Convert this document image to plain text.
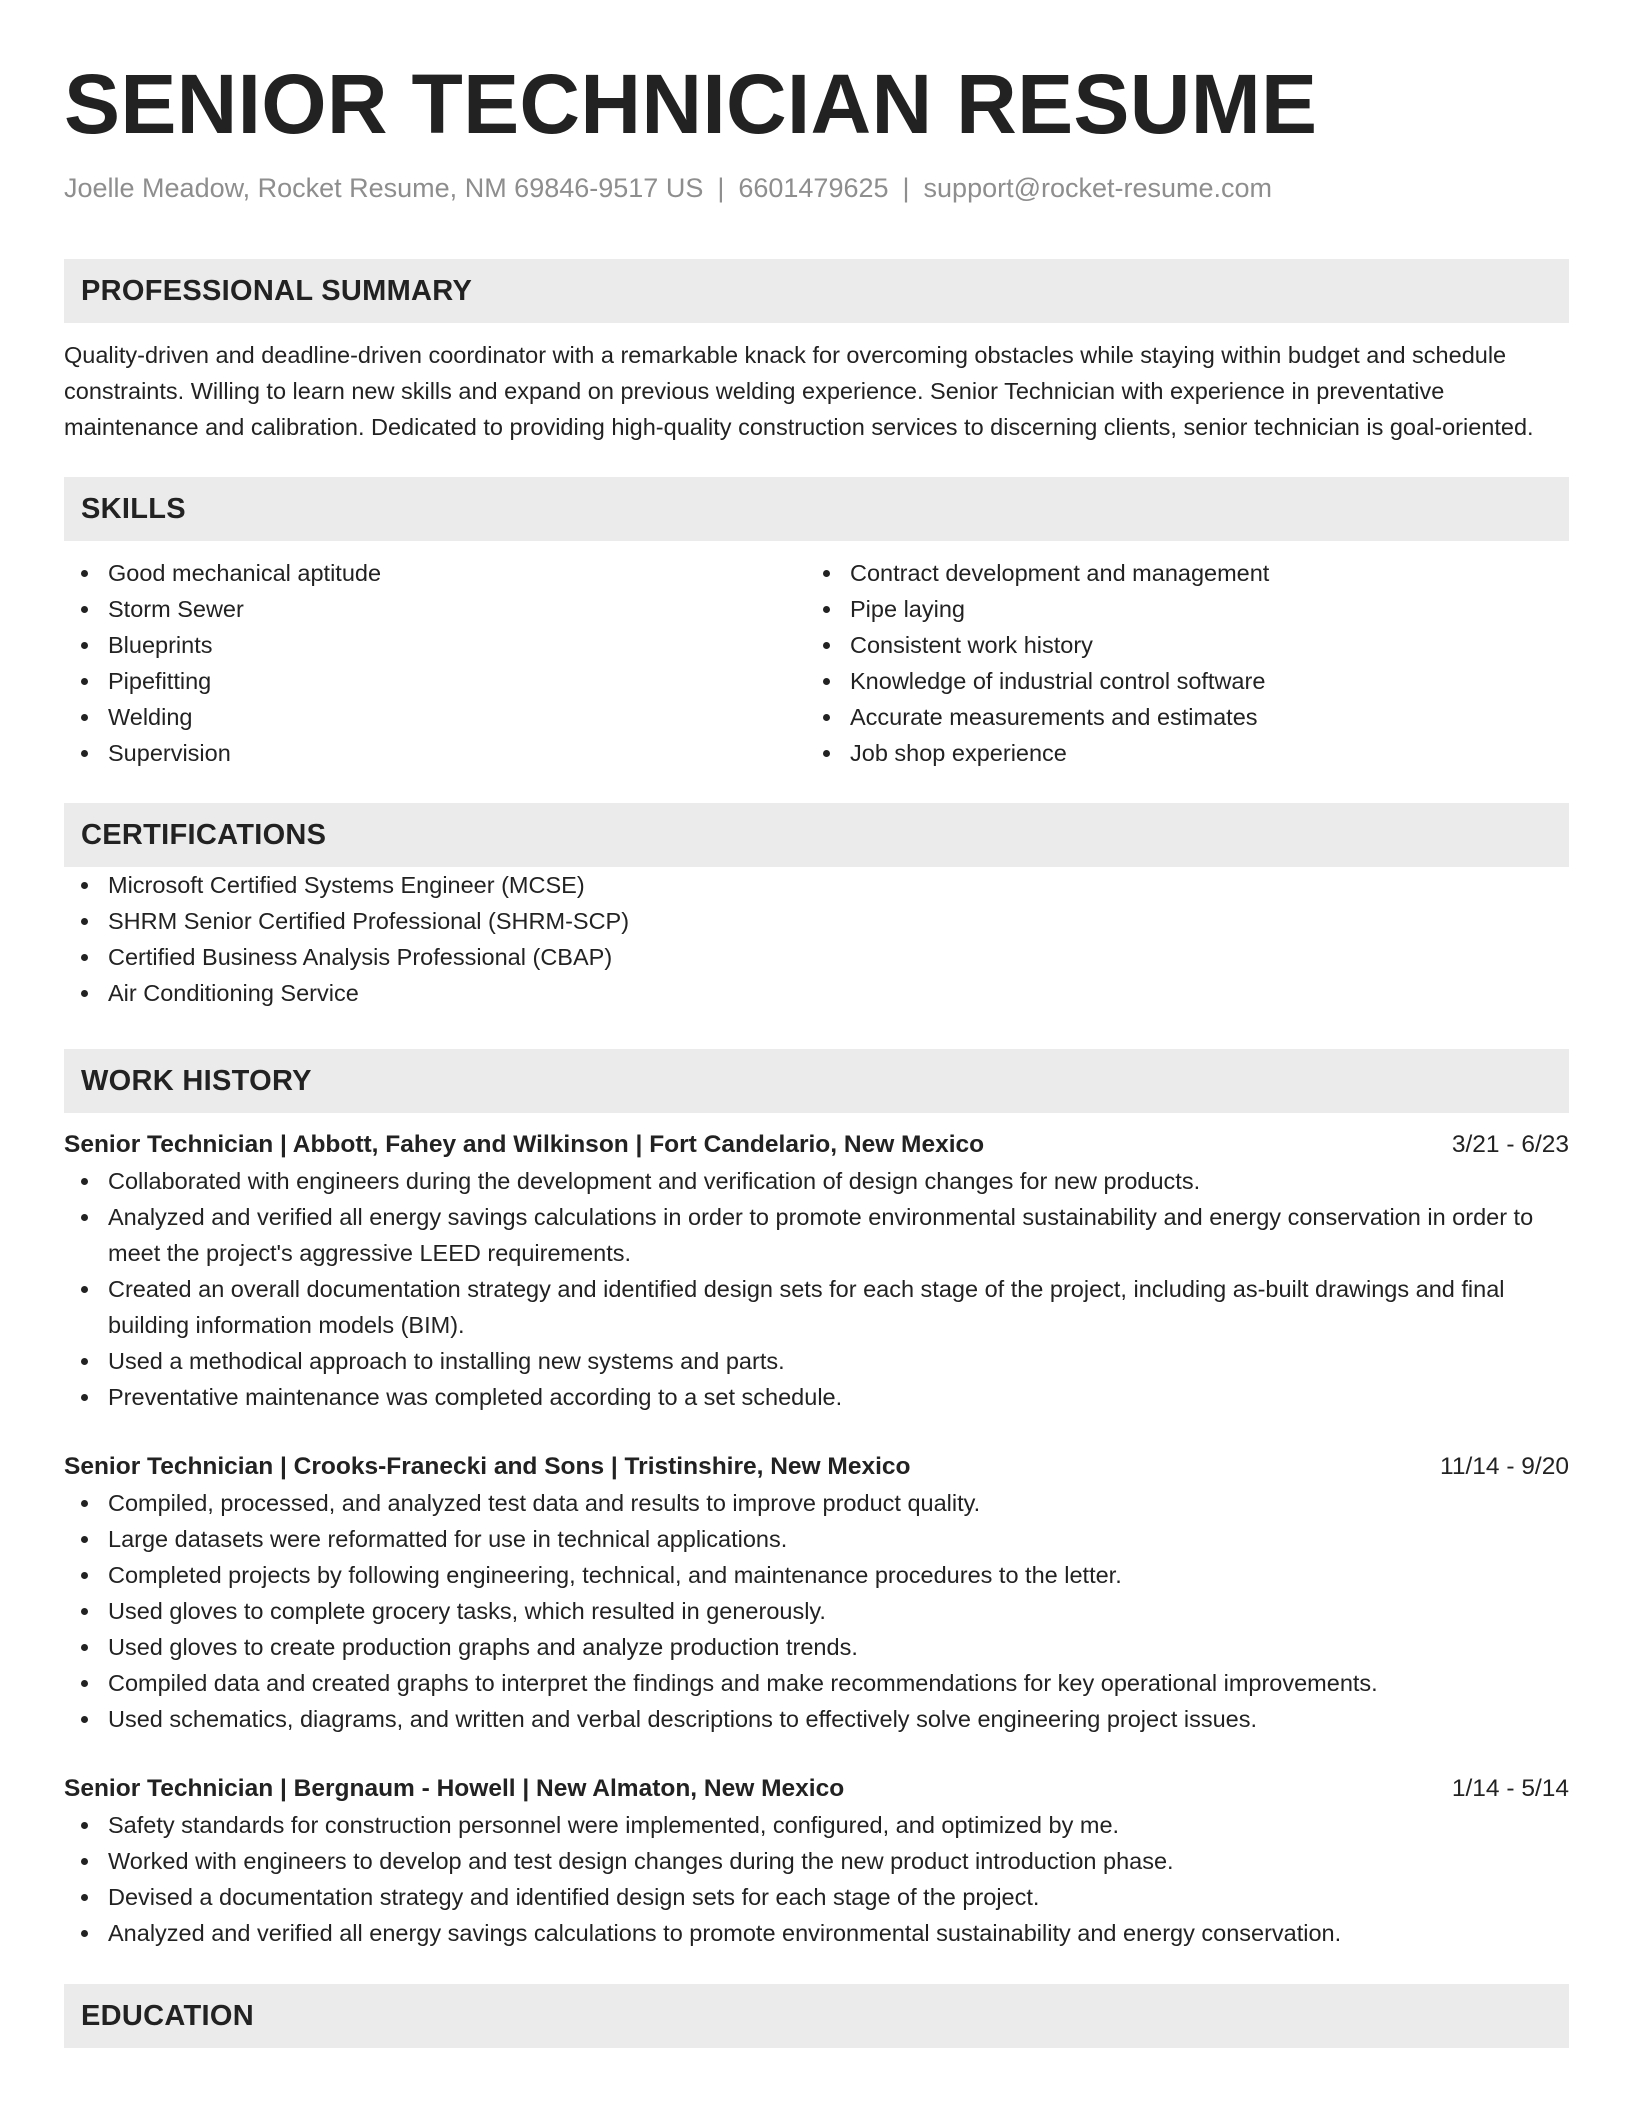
SENIOR TECHNICIAN RESUME
Joelle Meadow, Rocket Resume, NM 69846-9517 US | 6601479625 | support@rocket-resume.com
PROFESSIONAL SUMMARY
Quality-driven and deadline-driven coordinator with a remarkable knack for overcoming obstacles while staying within budget and schedule constraints. Willing to learn new skills and expand on previous welding experience. Senior Technician with experience in preventative maintenance and calibration. Dedicated to providing high-quality construction services to discerning clients, senior technician is goal-oriented.
SKILLS
Good mechanical aptitude
Storm Sewer
Blueprints
Pipefitting
Welding
Supervision
Contract development and management
Pipe laying
Consistent work history
Knowledge of industrial control software
Accurate measurements and estimates
Job shop experience
CERTIFICATIONS
Microsoft Certified Systems Engineer (MCSE)
SHRM Senior Certified Professional (SHRM-SCP)
Certified Business Analysis Professional (CBAP)
Air Conditioning Service
WORK HISTORY
Senior Technician | Abbott, Fahey and Wilkinson | Fort Candelario, New Mexico	3/21 - 6/23
Collaborated with engineers during the development and verification of design changes for new products.
Analyzed and verified all energy savings calculations in order to promote environmental sustainability and energy conservation in order to meet the project's aggressive LEED requirements.
Created an overall documentation strategy and identified design sets for each stage of the project, including as-built drawings and final building information models (BIM).
Used a methodical approach to installing new systems and parts.
Preventative maintenance was completed according to a set schedule.
Senior Technician | Crooks-Franecki and Sons | Tristinshire, New Mexico	11/14 - 9/20
Compiled, processed, and analyzed test data and results to improve product quality.
Large datasets were reformatted for use in technical applications.
Completed projects by following engineering, technical, and maintenance procedures to the letter.
Used gloves to complete grocery tasks, which resulted in generously.
Used gloves to create production graphs and analyze production trends.
Compiled data and created graphs to interpret the findings and make recommendations for key operational improvements.
Used schematics, diagrams, and written and verbal descriptions to effectively solve engineering project issues.
Senior Technician | Bergnaum - Howell | New Almaton, New Mexico	1/14 - 5/14
Safety standards for construction personnel were implemented, configured, and optimized by me.
Worked with engineers to develop and test design changes during the new product introduction phase.
Devised a documentation strategy and identified design sets for each stage of the project.
Analyzed and verified all energy savings calculations to promote environmental sustainability and energy conservation.
EDUCATION
